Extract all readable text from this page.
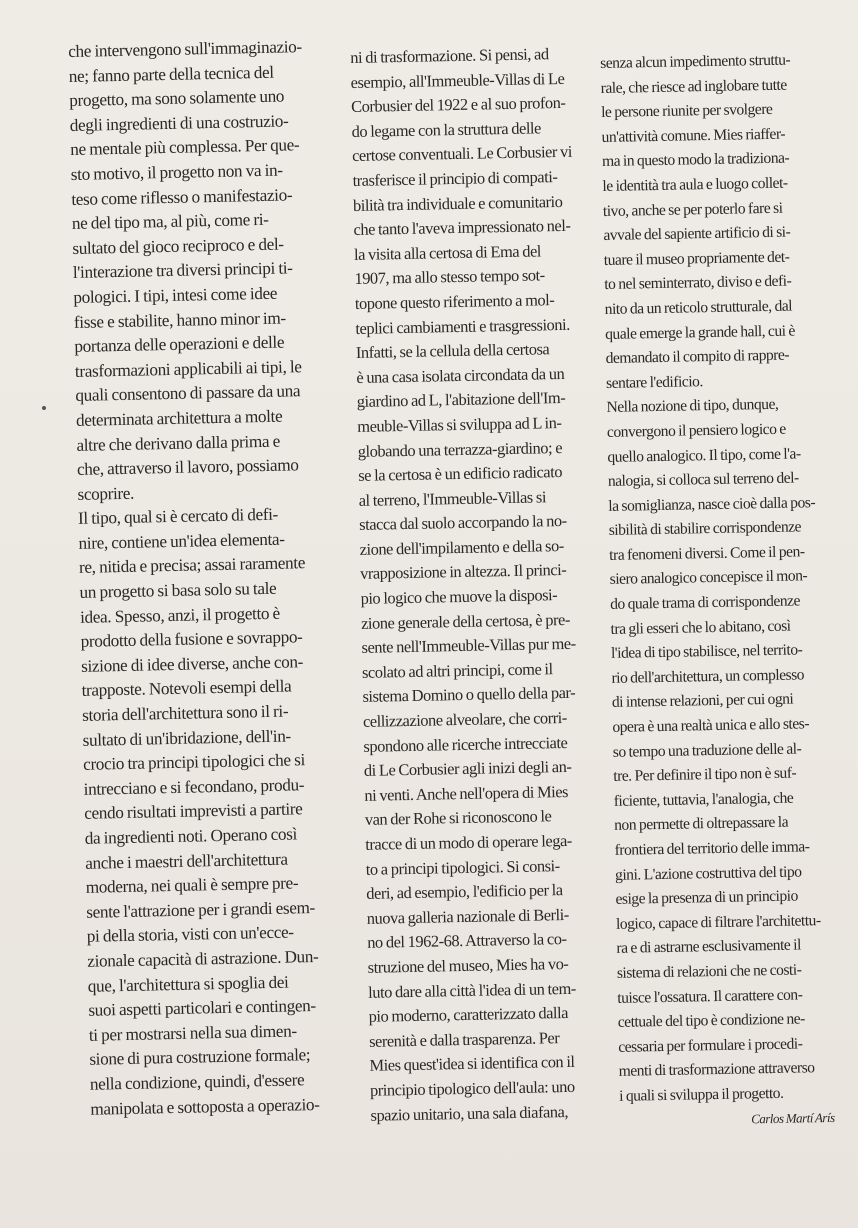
che intervengono sull'immaginazio-

ne; fanno parte della tecnica del

progetto, ma sono solamente uno

degli ingredienti di una costruzio-

ne mentale più complessa. Per que-

sto motivo, il progetto non va in-

teso come riflesso o manifestazio-

ne del tipo ma, al più, come ri-

sultato del gioco reciproco e del-

l'interazione tra diversi principi ti-

pologici. I tipi, intesi come idee

fisse e stabilite, hanno minor im-

portanza delle operazioni e delle

trasformazioni applicabili ai tipi, le

quali consentono di passare da una

determinata architettura a molte

altre che derivano dalla prima e

che, attraverso il lavoro, possiamo

scoprire.

Il tipo, qual si è cercato di defi-

nire, contiene un'idea elementa-

re, nitida e precisa; assai raramente

un progetto si basa solo su tale

idea. Spesso, anzi, il progetto è

prodotto della fusione e sovrappo-

sizione di idee diverse, anche con-

trapposte. Notevoli esempi della

storia dell'architettura sono il ri-

sultato di un'ibridazione, dell'in-

crocio tra principi tipologici che si

intrecciano e si fecondano, produ-

cendo risultati imprevisti a partire

da ingredienti noti. Operano così

anche i maestri dell'architettura

moderna, nei quali è sempre pre-

sente l'attrazione per i grandi esem-

pi della storia, visti con un'ecce-

zionale capacità di astrazione. Dun-

que, l'architettura si spoglia dei

suoi aspetti particolari e contingen-

ti per mostrarsi nella sua dimen-

sione di pura costruzione formale;

nella condizione, quindi, d'essere

manipolata e sottoposta a operazio-

ni di trasformazione. Si pensi, ad

esempio, all'Immeuble-Villas di Le

Corbusier del 1922 e al suo profon-

do legame con la struttura delle

certose conventuali. Le Corbusier vi

trasferisce il principio di compati-

bilità tra individuale e comunitario

che tanto l'aveva impressionato nel-

la visita alla certosa di Ema del

1907, ma allo stesso tempo sot-

topone questo riferimento a mol-

teplici cambiamenti e trasgressioni.

Infatti, se la cellula della certosa

è una casa isolata circondata da un

giardino ad L, l'abitazione dell'Im-

meuble-Villas si sviluppa ad L in-

globando una terrazza-giardino; e

se la certosa è un edificio radicato

al terreno, l'Immeuble-Villas si

stacca dal suolo accorpando la no-

zione dell'impilamento e della so-

vrapposizione in altezza. Il princi-

pio logico che muove la disposi-

zione generale della certosa, è pre-

sente nell'Immeuble-Villas pur me-

scolato ad altri principi, come il

sistema Domino o quello della par-

cellizzazione alveolare, che corri-

spondono alle ricerche intrecciate

di Le Corbusier agli inizi degli an-

ni venti. Anche nell'opera di Mies

van der Rohe si riconoscono le

tracce di un modo di operare lega-

to a principi tipologici. Si consi-

deri, ad esempio, l'edificio per la

nuova galleria nazionale di Berli-

no del 1962-68. Attraverso la co-

struzione del museo, Mies ha vo-

luto dare alla città l'idea di un tem-

pio moderno, caratterizzato dalla

serenità e dalla trasparenza. Per

Mies quest'idea si identifica con il

principio tipologico dell'aula: uno

spazio unitario, una sala diafana,

senza alcun impedimento struttu-

rale, che riesce ad inglobare tutte

le persone riunite per svolgere

un'attività comune. Mies riaffer-

ma in questo modo la tradiziona-

le identità tra aula e luogo collet-

tivo, anche se per poterlo fare si

avvale del sapiente artificio di si-

tuare il museo propriamente det-

to nel seminterrato, diviso e defi-

nito da un reticolo strutturale, dal

quale emerge la grande hall, cui è

demandato il compito di rappre-

sentare l'edificio.

Nella nozione di tipo, dunque,

convergono il pensiero logico e

quello analogico. Il tipo, come l'a-

nalogia, si colloca sul terreno del-

la somiglianza, nasce cioè dalla pos-

sibilità di stabilire corrispondenze

tra fenomeni diversi. Come il pen-

siero analogico concepisce il mon-

do quale trama di corrispondenze

tra gli esseri che lo abitano, così

l'idea di tipo stabilisce, nel territo-

rio dell'architettura, un complesso

di intense relazioni, per cui ogni

opera è una realtà unica e allo stes-

so tempo una traduzione delle al-

tre. Per definire il tipo non è suf-

ficiente, tuttavia, l'analogia, che

non permette di oltrepassare la

frontiera del territorio delle imma-

gini. L'azione costruttiva del tipo

esige la presenza di un principio

logico, capace di filtrare l'architettu-

ra e di astrarne esclusivamente il

sistema di relazioni che ne costi-

tuisce l'ossatura. Il carattere con-

cettuale del tipo è condizione ne-

cessaria per formulare i procedi-

menti di trasformazione attraverso

i quali si sviluppa il progetto.

Carlos Martí Arís
